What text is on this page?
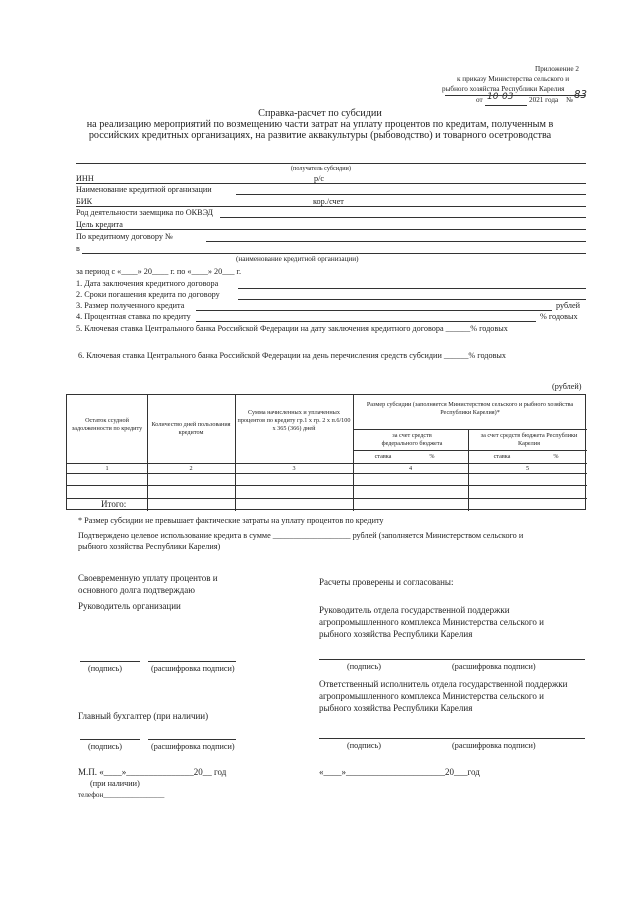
Приложение 2
к приказу Министерства сельского и
рыбного хозяйства Республики Карелия
от 10 03 2021 года № 83
Справка-расчет по субсидии
на реализацию мероприятий по возмещению части затрат на уплату процентов по кредитам, полученным в
российских кредитных организациях, на развитие аквакультуры (рыбоводство) и товарного осетроводства
(получатель субсидии)
ИНН	р/с
Наименование кредитной организации
БИК	кор./счет
Род деятельности заемщика по ОКВЭД
Цель кредита
По кредитному договору №
в
(наименование кредитной организации)
за период с «____» 20____ г. по «____» 20___ г.
1. Дата заключения кредитного договора
2. Сроки погашения кредита по договору
3. Размер полученного кредита	рублей
4. Процентная ставка по кредиту	% годовых
5. Ключевая ставка Центрального банка Российской Федерации на дату заключения кредитного договора ______% годовых
6. Ключевая ставка Центрального банка Российской Федерации на день перечисления средств субсидии ______% годовых
(рублей)
Остаток ссудной задолженности по кредиту
Количество дней пользования кредитом
Сумма начисленных и уплаченных процентов по кредиту гр.1 х гр. 2 х п.6/100 х 365 (366) дней
Размер субсидии (заполняется Министерством сельского и рыбного хозяйства Республики Карелия)*
за счет средств федерального бюджета
за счет средств бюджета Республики Карелия
ставка	%	ставка	%
1	2	3	4	5
Итого:
* Размер субсидии не превышает фактические затраты на уплату процентов по кредиту
Подтверждено целевое использование кредита в сумме ___________________ рублей (заполняется Министерством сельского и
рыбного хозяйства Республики Карелия)
Своевременную уплату процентов и
основного долга подтверждаю
Руководитель организации
(подпись)	(расшифровка подписи)
Главный бухгалтер (при наличии)
(подпись)	(расшифровка подписи)
М.П. «____»_______________20__ год
(при наличии)
телефон_________________
Расчеты проверены и согласованы:
Руководитель отдела государственной поддержки
агропромышленного комплекса Министерства сельского и
рыбного хозяйства Республики Карелия
(подпись)	(расшифровка подписи)
Ответственный исполнитель отдела государственной поддержки
агропромышленного комплекса Министерства сельского и
рыбного хозяйства Республики Карелия
(подпись)	(расшифровка подписи)
«____»______________________20___год
